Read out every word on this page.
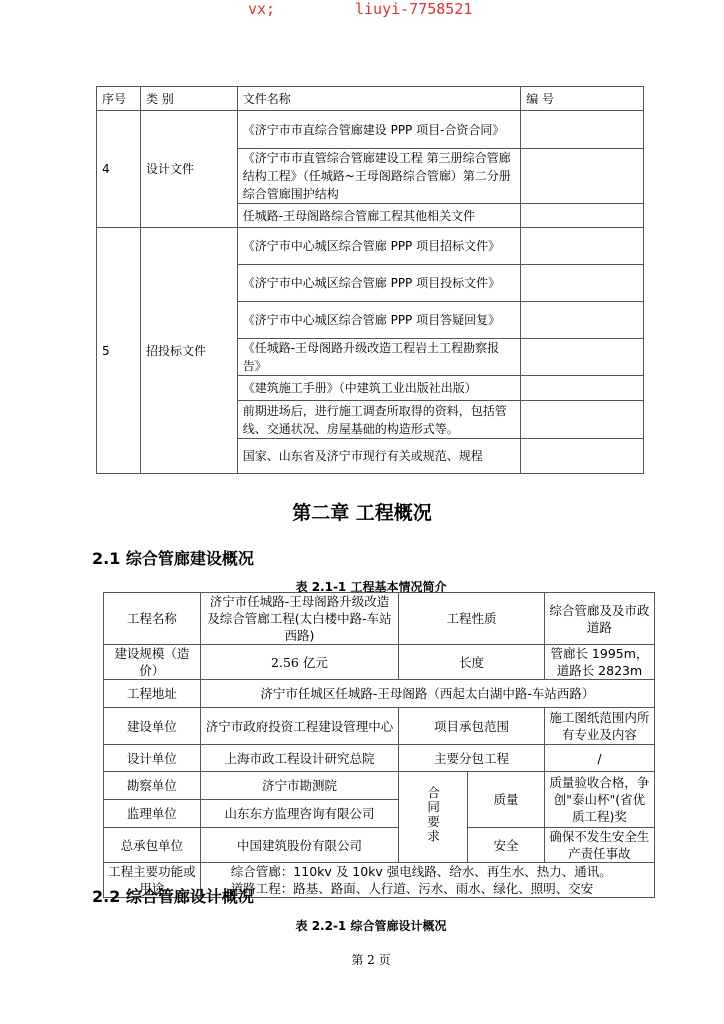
vx;	liuyi-7758521
序号	类 别	文件名称	编 号
4	设计文件	《济宁市市直综合管廊建设 PPP 项目-合资合同》	
		《济宁市市直管综合管廊建设工程 第三册综合管廊结构工程》（任城路~王母阁路综合管廊）第二分册 综合管廊围护结构	
		任城路-王母阁路综合管廊工程其他相关文件	
5	招投标文件	《济宁市中心城区综合管廊 PPP 项目招标文件》	
		《济宁市中心城区综合管廊 PPP 项目投标文件》	
		《济宁市中心城区综合管廊 PPP 项目答疑回复》	
		《任城路-王母阁路升级改造工程岩土工程勘察报告》	
		《建筑施工手册》（中建筑工业出版社出版）	
		前期进场后，进行施工调查所取得的资料，包括管线、交通状况、房屋基础的构造形式等。	
		国家、山东省及济宁市现行有关或规范、规程	
第二章 工程概况
2.1 综合管廊建设概况
表 2.1-1 工程基本情况简介
工程名称	济宁市任城路-王母阁路升级改造及综合管廊工程(太白楼中路-车站西路)	工程性质		综合管廊及及市政道路
建设规模（造价）	2.56 亿元	长度		管廊长 1995m，道路长 2823m
工程地址	济宁市任城区任城路-王母阁路（西起太白湖中路-车站西路）			
建设单位	济宁市政府投资工程建设管理中心	项目承包范围		施工图纸范围内所有专业及内容
设计单位	上海市政工程设计研究总院	主要分包工程		/
勘察单位	济宁市勘测院	合同要求	质量	质量验收合格，争创"泰山杯"(省优质工程)奖
监理单位	山东东方监理咨询有限公司			
总承包单位	中国建筑股份有限公司		安全	确保不发生安全生产责任事故
工程主要功能或用途	综合管廊：110kv 及 10kv 强电线路、给水、再生水、热力、通讯。
道路工程：路基、路面、人行道、污水、雨水、绿化、照明、交安			
2.2 综合管廊设计概况
表 2.2-1 综合管廊设计概况
第 2 页
